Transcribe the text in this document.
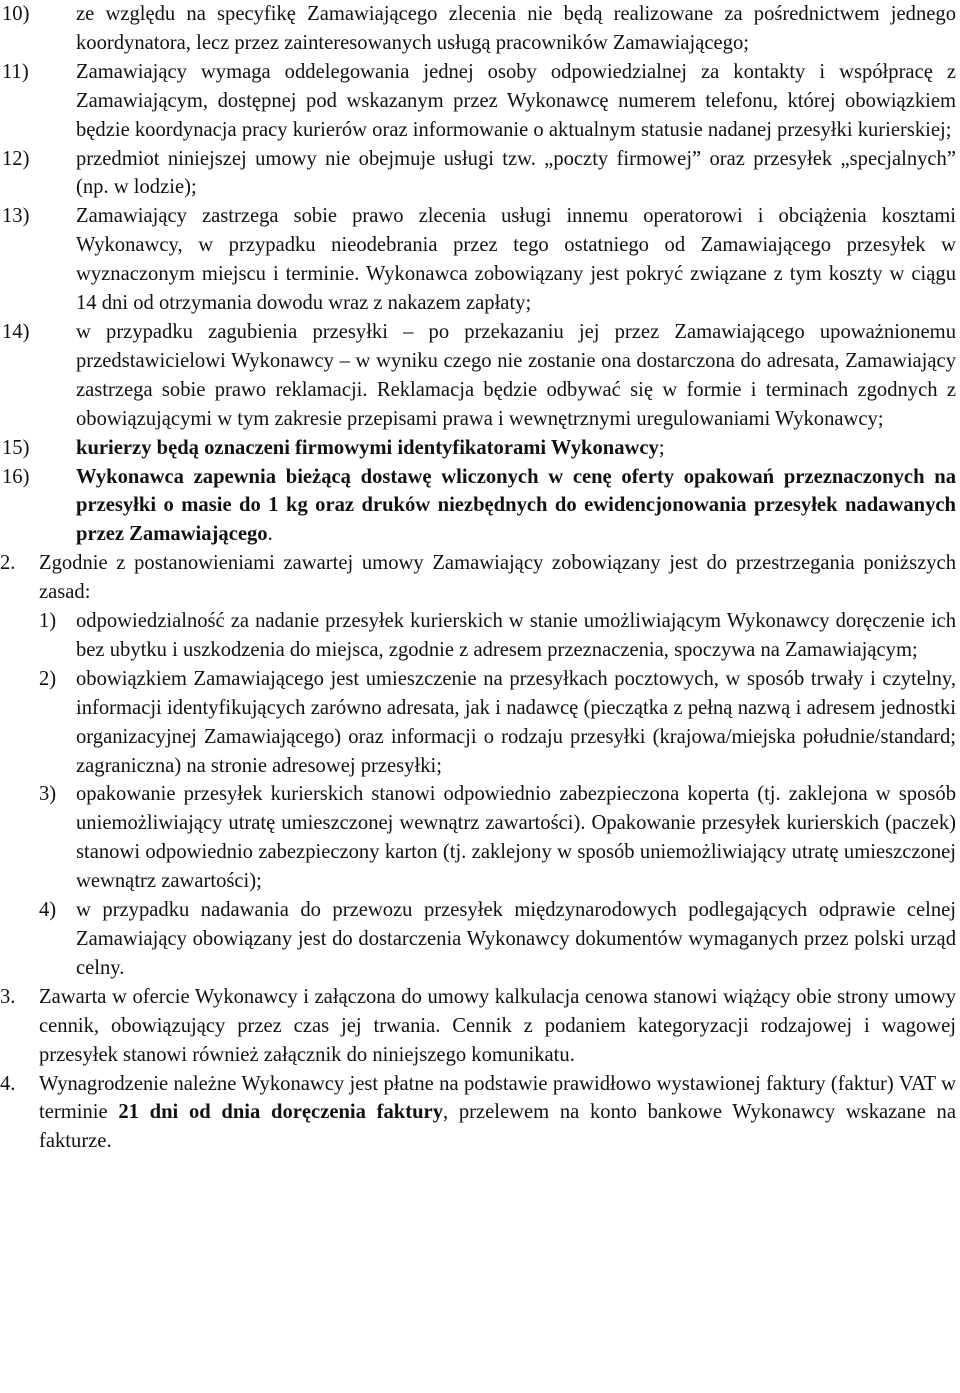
10) ze względu na specyfikę Zamawiającego zlecenia nie będą realizowane za pośrednictwem jednego koordynatora, lecz przez zainteresowanych usługą pracowników Zamawiającego;

11) Zamawiający wymaga oddelegowania jednej osoby odpowiedzialnej za kontakty i współpracę z Zamawiającym, dostępnej pod wskazanym przez Wykonawcę numerem telefonu, której obowiązkiem będzie koordynacja pracy kurierów oraz informowanie o aktualnym statusie nadanej przesyłki kurierskiej;

12) przedmiot niniejszej umowy nie obejmuje usługi tzw. „poczty firmowej” oraz przesyłek „specjalnych” (np. w lodzie);

13) Zamawiający zastrzega sobie prawo zlecenia usługi innemu operatorowi i obciążenia kosztami Wykonawcy, w przypadku nieodebrania przez tego ostatniego od Zamawiającego przesyłek w wyznaczonym miejscu i terminie. Wykonawca zobowiązany jest pokryć związane z tym koszty w ciągu 14 dni od otrzymania dowodu wraz z nakazem zapłaty;

14) w przypadku zagubienia przesyłki – po przekazaniu jej przez Zamawiającego upoważnionemu przedstawicielowi Wykonawcy – w wyniku czego nie zostanie ona dostarczona do adresata, Zamawiający zastrzega sobie prawo reklamacji. Reklamacja będzie odbywać się w formie i terminach zgodnych z obowiązującymi w tym zakresie przepisami prawa i wewnętrznymi uregulowaniami Wykonawcy;

15) kurierzy będą oznaczeni firmowymi identyfikatorami Wykonawcy;

16) Wykonawca zapewnia bieżącą dostawę wliczonych w cenę oferty opakowań przeznaczonych na przesyłki o masie do 1 kg oraz druków niezbędnych do ewidencjonowania przesyłek nadawanych przez Zamawiającego.

2. Zgodnie z postanowieniami zawartej umowy Zamawiający zobowiązany jest do przestrzegania poniższych zasad:

1) odpowiedzialność za nadanie przesyłek kurierskich w stanie umożliwiającym Wykonawcy doręczenie ich bez ubytku i uszkodzenia do miejsca, zgodnie z adresem przeznaczenia, spoczywa na Zamawiającym;

2) obowiązkiem Zamawiającego jest umieszczenie na przesyłkach pocztowych, w sposób trwały i czytelny, informacji identyfikujących zarówno adresata, jak i nadawcę (pieczątka z pełną nazwą i adresem jednostki organizacyjnej Zamawiającego) oraz informacji o rodzaju przesyłki (krajowa/miejska południe/standard; zagraniczna) na stronie adresowej przesyłki;

3) opakowanie przesyłek kurierskich stanowi odpowiednio zabezpieczona koperta (tj. zaklejona w sposób uniemożliwiający utratę umieszczonej wewnątrz zawartości). Opakowanie przesyłek kurierskich (paczek) stanowi odpowiednio zabezpieczony karton (tj. zaklejony w sposób uniemożliwiający utratę umieszczonej wewnątrz zawartości);

4) w przypadku nadawania do przewozu przesyłek międzynarodowych podlegających odprawie celnej Zamawiający obowiązany jest do dostarczenia Wykonawcy dokumentów wymaganych przez polski urząd celny.

3. Zawarta w ofercie Wykonawcy i załączona do umowy kalkulacja cenowa stanowi wiążący obie strony umowy cennik, obowiązujący przez czas jej trwania. Cennik z podaniem kategoryzacji rodzajowej i wagowej przesyłek stanowi również załącznik do niniejszego komunikatu.

4. Wynagrodzenie należne Wykonawcy jest płatne na podstawie prawidłowo wystawionej faktury (faktur) VAT w terminie 21 dni od dnia doręczenia faktury, przelewem na konto bankowe Wykonawcy wskazane na fakturze.
